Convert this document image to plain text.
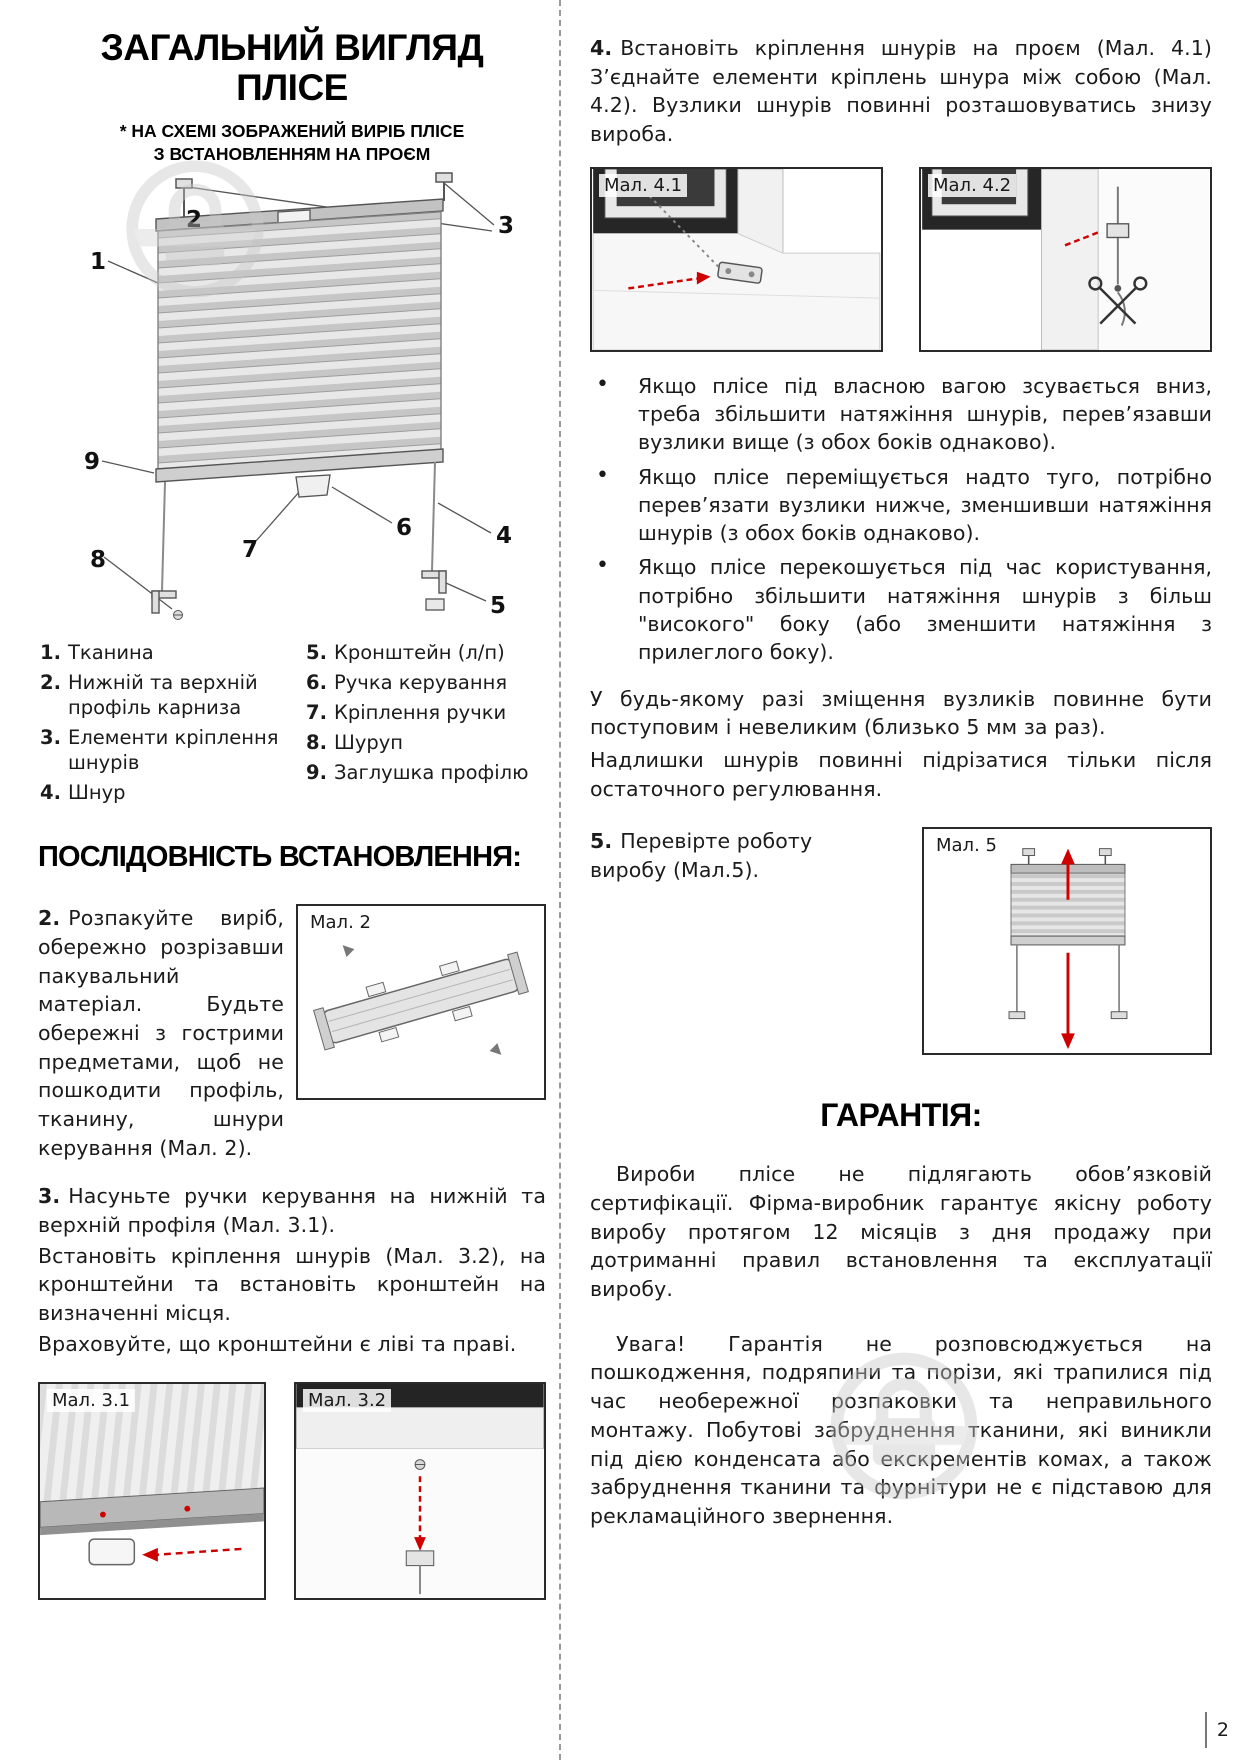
ЗАГАЛЬНИЙ ВИГЛЯД
ПЛІСЕ
* НА СХЕМІ ЗОБРАЖЕНИЙ ВИРІБ ПЛІСЕ
З ВСТАНОВЛЕННЯМ НА ПРОЄМ
1
2	3
4
5
6
7
8
9
1. Тканина
2. Нижній та верхній профіль карниза
3. Елементи кріплення шнурів
4. Шнур
5. Кронштейн (л/п)
6. Ручка керування
7. Кріплення ручки
8. Шуруп
9. Заглушка профілю
ПОСЛІДОВНІСТЬ ВСТАНОВЛЕННЯ:

2. Розпакуйте виріб, обережно розрізавши пакувальний матеріал. Будьте обережні з гострими предметами, щоб не пошкодити профіль, тканину, шнури керування (Мал. 2).

Мал. 2

3. Насуньте ручки керування на нижній та верхній профіля (Мал. 3.1).

Встановіть кріплення шнурів (Мал. 3.2), на кронштейни та встановіть кронштейн на визначенні місця.

Враховуйте, що кронштейни є ліві та праві.

Мал. 3.1	Мал. 3.2

4. Встановіть кріплення шнурів на проєм (Мал. 4.1) З’єднайте елементи кріплень шнура між собою (Мал. 4.2). Вузлики шнурів повинні розташовуватись знизу вироба.

Мал. 4.1	Мал. 4.2
• Якщо плісе під власною вагою зсувається вниз, треба збільшити натяжіння шнурів, перев’язавши вузлики вище (з обох боків однаково).
• Якщо плісе переміщується надто туго, потрібно перев’язати вузлики нижче, зменшивши натяжіння шнурів (з обох боків однаково).
• Якщо плісе перекошується під час користування, потрібно збільшити натяжіння шнурів з більш "високого" боку (або зменшити натяжіння з прилеглого боку).

У будь-якому разі зміщення вузликів повинне бути поступовим і невеликим (близько 5 мм за раз).

Надлишки шнурів повинні підрізатися тільки після остаточного регулювання.

5. Перевірте роботу виробу (Мал.5).

Мал. 5
ГАРАНТІЯ:

Вироби плісе не підлягають обов’язковій сертифікації. Фірма-виробник гарантує якісну роботу виробу протягом 12 місяців з дня продажу при дотриманні правил встановлення та експлуатації виробу.

Увага! Гарантія не розповсюджується на пошкодження, подряпини та порізи, які трапилися під час необережної розпаковки та неправильного монтажу. Побутові забруднення тканини, які виникли під дією конденсата або екскрементів комах, а також забруднення тканини та фурнітури не є підставою для рекламаційного звернення.

2
